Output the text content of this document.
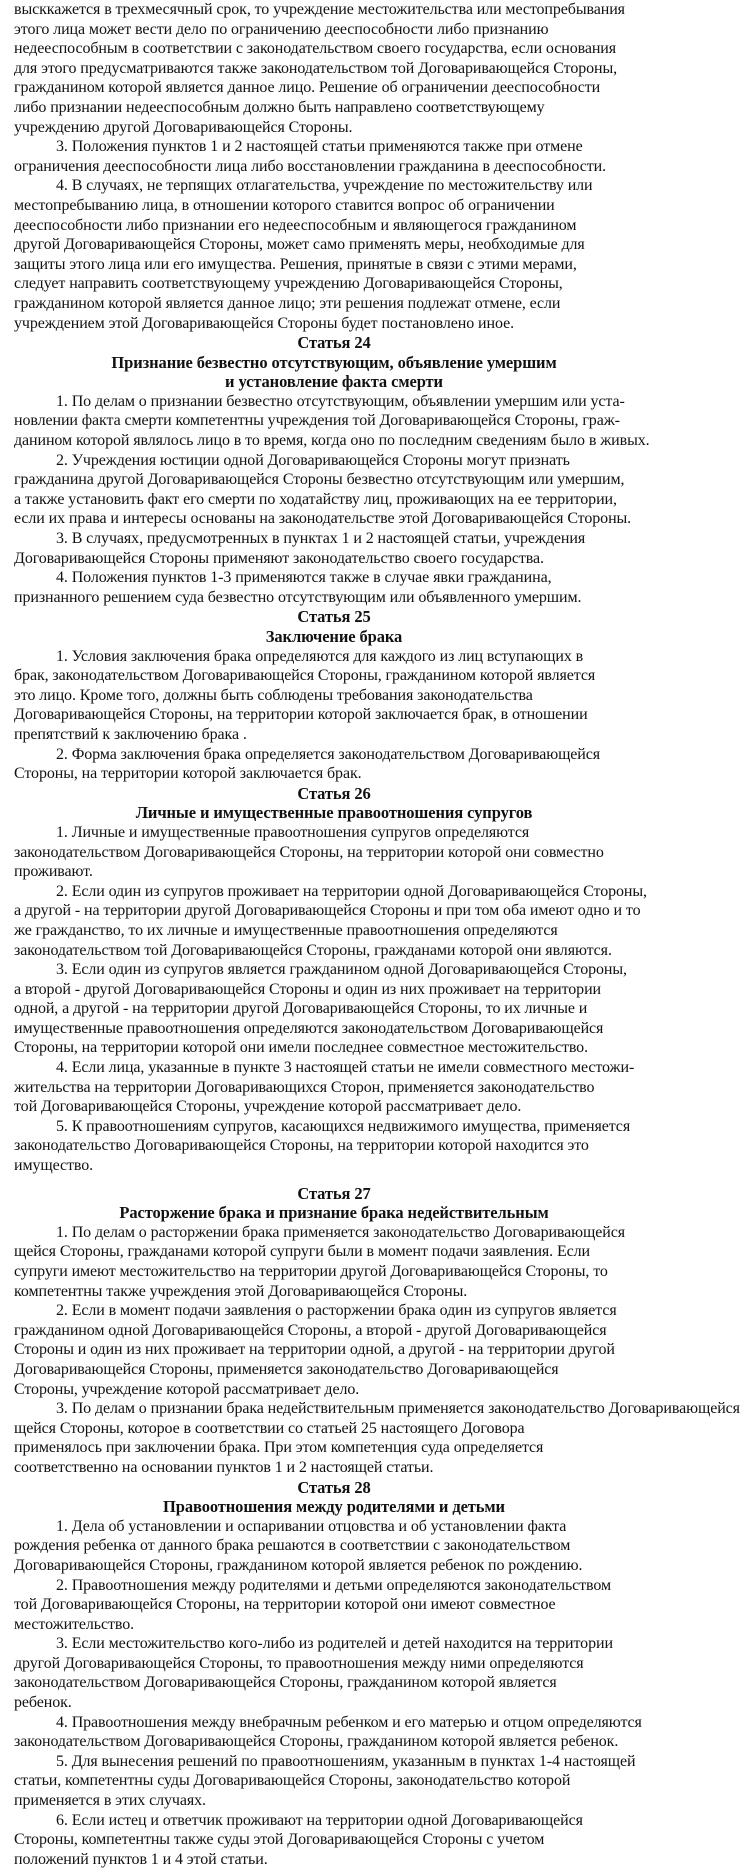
высккажется в трехмесячный срок, то учреждение местожительства или местопребывания
этого лица может вести дело по ограничению дееспособности либо признанию
недееспособным в соответствии с законодательством своего государства, если основания
для этого предусматриваются также законодательством той Договаривающейся Стороны,
гражданином которой является данное лицо. Решение об ограничении дееспособности
либо признании недееспособным должно быть направлено соответствующему
учреждению другой Договаривающейся Стороны.
3. Положения пунктов 1 и 2 настоящей статьи применяются также при отмене
ограничения дееспособности лица либо восстановлении гражданина в дееспособности.
4. В случаях, не терпящих отлагательства, учреждение по местожительству или
местопребыванию лица, в отношении которого ставится вопрос об ограничении
дееспособности либо признании его недееспособным и являющегося гражданином
другой Договаривающейся Стороны, может само применять меры, необходимые для
защиты этого лица или его имущества. Решения, принятые в связи с этими мерами,
следует направить соответствующему учреждению Договаривающейся Стороны,
гражданином которой является данное лицо; эти решения подлежат отмене, если
учреждением этой Договаривающейся Стороны будет постановлено иное.
Статья 24
Признание безвестно отсутствующим, объявление умершим
и установление факта смерти
1. По делам о признании безвестно отсутствующим, объявлении умершим или уста-
новлении факта смерти компетентны учреждения той Договаривающейся Стороны, граж-
данином которой являлось лицо в то время, когда оно по последним сведениям было в живых.
2. Учреждения юстиции одной Договаривающейся Стороны могут признать
гражданина другой Договаривающейся Стороны безвестно отсутствующим или умершим,
а также установить факт его смерти по ходатайству лиц, проживающих на ее территории,
если их права и интересы основаны на законодательстве этой Договаривающейся Стороны.
3. В случаях, предусмотренных в пунктах 1 и 2 настоящей статьи, учреждения
Договаривающейся Стороны применяют законодательство своего государства.
4. Положения пунктов 1-3 применяются также в случае явки гражданина,
признанного решением суда безвестно отсутствующим или объявленного умершим.
Статья 25
Заключение брака
1. Условия заключения брака определяются для каждого из лиц вступающих в
брак, законодательством Договаривающейся Стороны, гражданином которой является
это лицо. Кроме того, должны быть соблюдены требования законодательства
Договаривающейся Стороны, на территории которой заключается брак, в отношении
препятствий к заключению брака .
2. Форма заключения брака определяется законодательством Договаривающейся
Стороны, на территории которой заключается брак.
Статья 26
Личные и имущественные правоотношения супругов
1. Личные и имущественные правоотношения супругов определяются
законодательством Договаривающейся Стороны, на территории которой они совместно
проживают.
2. Если один из супругов проживает на территории одной Договаривающейся Стороны,
а другой - на территории другой Договаривающейся Стороны и при том оба имеют одно и то
же гражданство, то их личные и имущественные правоотношения определяются
законодательством той Договаривающейся Стороны, гражданами которой они являются.
3. Если один из супругов является гражданином одной Договаривающейся Стороны,
а второй - другой Договаривающейся Стороны и один из них проживает на территории
одной, а другой - на территории другой Договаривающейся Стороны, то их личные и
имущественные правоотношения определяются законодательством Договаривающейся
Стороны, на территории которой они имели последнее совместное местожительство.
4. Если лица, указанные в пункте 3 настоящей статьи не имели совместного местожи-
жительства на территории Договаривающихся Сторон, применяется законодательство
той Договаривающейся Стороны, учреждение которой рассматривает дело.
5. К правоотношениям супругов, касающихся недвижимого имущества, применяется
законодательство Договаривающейся Стороны, на территории которой находится это
имущество.
Статья 27
Расторжение брака и признание брака недействительным
1. По делам о расторжении брака применяется законодательство Договаривающейся
щейся Стороны, гражданами которой супруги были в момент подачи заявления. Если
супруги имеют местожительство на территории другой Договаривающейся Стороны, то
компетентны также учреждения этой Договаривающейся Стороны.
2. Если в момент подачи заявления о расторжении брака один из супругов является
гражданином одной Договаривающейся Стороны, а второй - другой Договаривающейся
Стороны и один из них проживает на территории одной, а другой - на территории другой
Договаривающейся Стороны, применяется законодательство Договаривающейся
Стороны, учреждение которой рассматривает дело.
3. По делам о признании брака недействительным применяется законодательство Договаривающейся
щейся Стороны, которое в соответствии со статьей 25 настоящего Договора
применялось при заключении брака. При этом компетенция суда определяется
соответственно на основании пунктов 1 и 2 настоящей статьи.
Статья 28
Правоотношения между родителями и детьми
1. Дела об установлении и оспаривании отцовства и об установлении факта
рождения ребенка от данного брака решаются в соответствии с законодательством
Договаривающейся Стороны, гражданином которой является ребенок по рождению.
2. Правоотношения между родителями и детьми определяются законодательством
той Договаривающейся Стороны, на территории которой они имеют совместное
местожительство.
3. Если местожительство кого-либо из родителей и детей находится на территории
другой Договаривающейся Стороны, то правоотношения между ними определяются
законодательством Договаривающейся Стороны, гражданином которой является
ребенок.
4. Правоотношения между внебрачным ребенком и его матерью и отцом определяются
законодательством Договаривающейся Стороны, гражданином которой является ребенок.
5. Для вынесения решений по правоотношениям, указанным в пунктах 1-4 настоящей
статьи, компетентны суды Договаривающейся Стороны, законодательство которой
применяется в этих случаях.
6. Если истец и ответчик проживают на территории одной Договаривающейся
Стороны, компетентны также суды этой Договаривающейся Стороны с учетом
положений пунктов 1 и 4 этой статьи.
